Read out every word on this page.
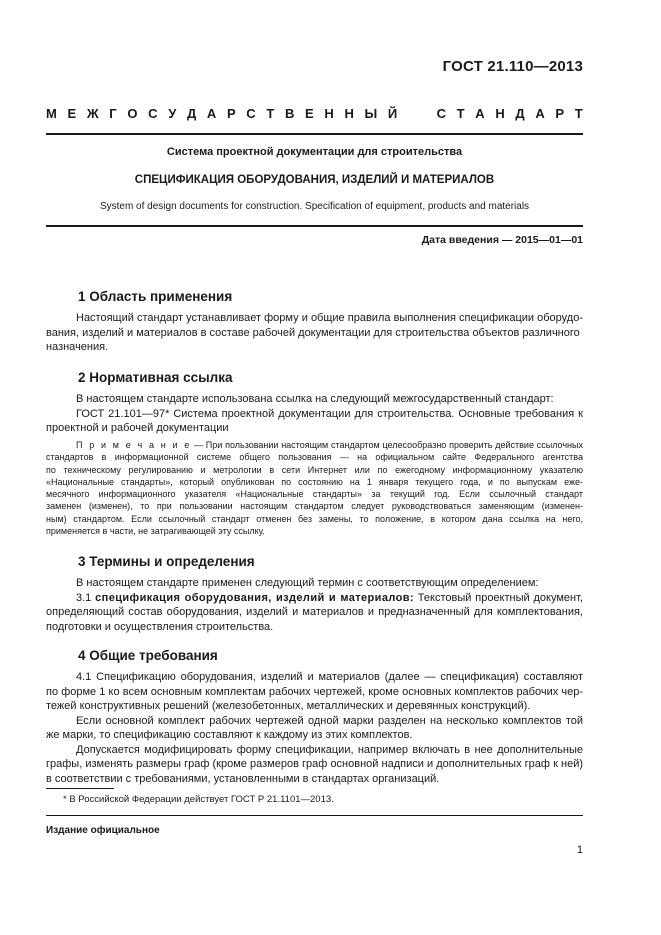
ГОСТ 21.110—2013
М Е Ж Г О С У Д А Р С Т В Е Н Н Ы Й	С Т А Н Д А Р Т
Система проектной документации для строительства
СПЕЦИФИКАЦИЯ ОБОРУДОВАНИЯ, ИЗДЕЛИЙ И МАТЕРИАЛОВ
System of design documents for construction. Specification of equipment, products and materials
Дата введения — 2015—01—01
1 Область применения
Настоящий стандарт устанавливает форму и общие правила выполнения спецификации оборудо-
вания, изделий и материалов в составе рабочей документации для строительства объектов различного
назначения.
2 Нормативная ссылка
В настоящем стандарте использована ссылка на следующий межгосударственный стандарт:
ГОСТ 21.101—97* Система проектной документации для строительства. Основные требования к
проектной и рабочей документации
П р и м е ч а н и е — При пользовании настоящим стандартом целесообразно проверить действие ссылочных
стандартов в информационной системе общего пользования — на официальном сайте Федерального агентства
по техническому регулированию и метрологии в сети Интернет или по ежегодному информационному указателю
«Национальные стандарты», который опубликован по состоянию на 1 января текущего года, и по выпускам еже-
месячного информационного указателя «Национальные стандарты» за текущий год. Если ссылочный стандарт
заменен (изменен), то при пользовании настоящим стандартом следует руководствоваться заменяющим (изменен-
ным) стандартом. Если ссылочный стандарт отменен без замены, то положение, в котором дана ссылка на него,
применяется в части, не затрагивающей эту ссылку.
3 Термины и определения
В настоящем стандарте применен следующий термин с соответствующим определением:
3.1 спецификация оборудования, изделий и материалов: Текстовый проектный документ,
определяющий состав оборудования, изделий и материалов и предназначенный для комплектования,
подготовки и осуществления строительства.
4 Общие требования
4.1 Спецификацию оборудования, изделий и материалов (далее — спецификация) составляют
по форме 1 ко всем основным комплектам рабочих чертежей, кроме основных комплектов рабочих чер-
тежей конструктивных решений (железобетонных, металлических и деревянных конструкций).
Если основной комплект рабочих чертежей одной марки разделен на несколько комплектов той
же марки, то спецификацию составляют к каждому из этих комплектов.
Допускается модифицировать форму спецификации, например включать в нее дополнительные
графы, изменять размеры граф (кроме размеров граф основной надписи и дополнительных граф к ней)
в соответствии с требованиями, установленными в стандартах организаций.
* В Российской Федерации действует ГОСТ Р 21.1101—2013.
Издание официальное
1
